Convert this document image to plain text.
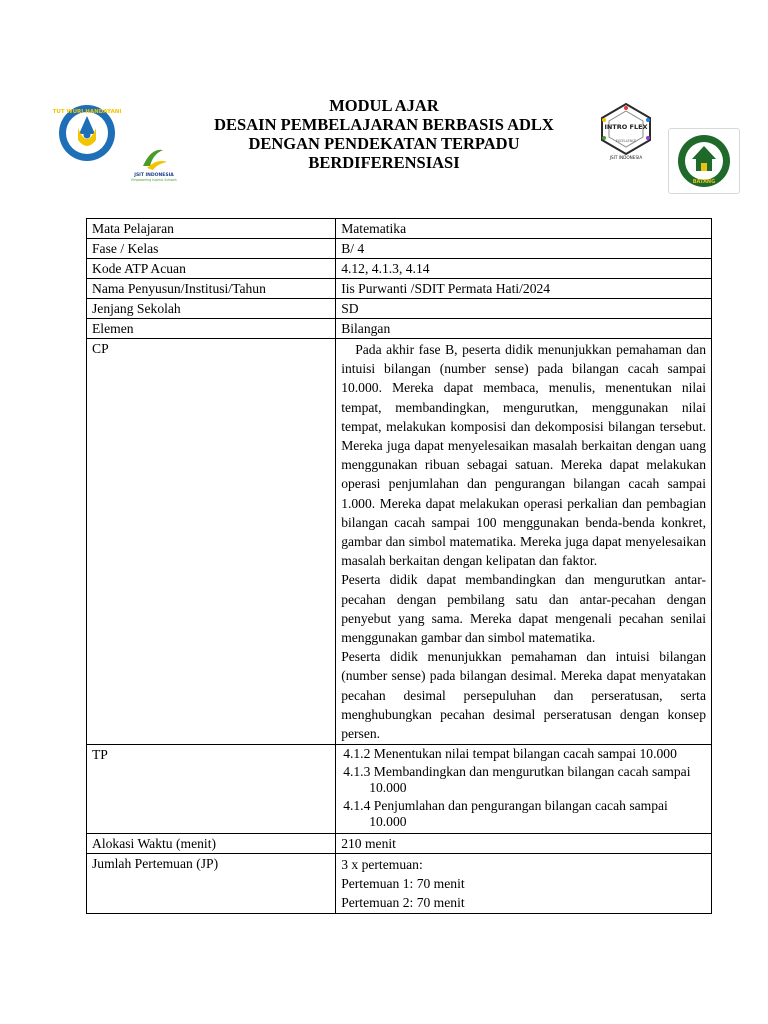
MODUL AJAR
DESAIN PEMBELAJARAN BERBASIS ADLX
DENGAN PENDEKATAN TERPADU
BERDIFERENSIASI
TUT WURI HANDAYANI
JSIT INDONESIA
Empowering Islamic Schools
INTRO FLEX
EXCELLENCE
JSIT INDONESIA
BATANG
Mata Pelajaran	Matematika
Fase / Kelas	B/ 4
Kode ATP Acuan	4.12, 4.1.3, 4.14
Nama Penyusun/Institusi/Tahun	Iis Purwanti /SDIT Permata Hati/2024
Jenjang Sekolah	SD
Elemen	Bilangan
CP	Pada akhir fase B, peserta didik menunjukkan pemahaman dan intuisi bilangan (number sense) pada bilangan cacah sampai 10.000. Mereka dapat membaca, menulis, menentukan nilai tempat, membandingkan, mengurutkan, menggunakan nilai tempat, melakukan komposisi dan dekomposisi bilangan tersebut. Mereka juga dapat menyelesaikan masalah berkaitan dengan uang menggunakan ribuan sebagai satuan. Mereka dapat melakukan operasi penjumlahan dan pengurangan bilangan cacah sampai 1.000. Mereka dapat melakukan operasi perkalian dan pembagian bilangan cacah sampai 100 menggunakan benda-benda konkret, gambar dan simbol matematika. Mereka juga dapat menyelesaikan masalah berkaitan dengan kelipatan dan faktor.

Peserta didik dapat membandingkan dan mengurutkan antar-pecahan dengan pembilang satu dan antar-pecahan dengan penyebut yang sama. Mereka dapat mengenali pecahan senilai menggunakan gambar dan simbol matematika.

Peserta didik menunjukkan pemahaman dan intuisi bilangan (number sense) pada bilangan desimal. Mereka dapat menyatakan pecahan desimal persepuluhan dan perseratusan, serta menghubungkan pecahan desimal perseratusan dengan konsep persen.

TP	4.1.2 Menentukan nilai tempat bilangan cacah sampai 10.000
4.1.3 Membandingkan dan mengurutkan bilangan cacah sampai 10.000
4.1.4 Penjumlahan dan pengurangan bilangan cacah sampai 10.000

Alokasi Waktu (menit)	210 menit
Jumlah Pertemuan (JP)	3 x pertemuan:
Pertemuan 1: 70 menit
Pertemuan 2: 70 menit
